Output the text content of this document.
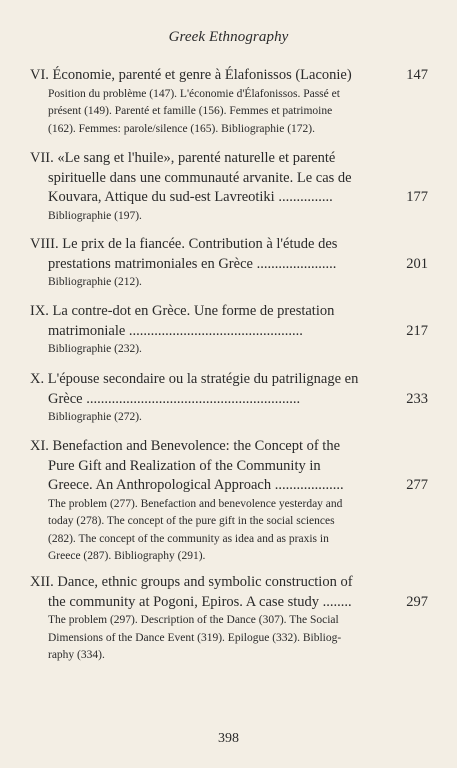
Greek Ethnography
VI. Économie, parenté et genre à Élafonissos (Laconie)	147
Position du problème (147). L'économie d'Élafonissos. Passé et
présent (149). Parenté et famille (156). Femmes et patrimoine
(162). Femmes: parole/silence (165). Bibliographie (172).
VII. «Le sang et l'huile», parenté naturelle et parenté
spirituelle dans une communauté arvanite. Le cas de
Kouvara, Attique du sud-est Lavreotiki ...............	177
Bibliographie (197).
VIII. Le prix de la fiancée. Contribution à l'étude des
prestations matrimoniales en Grèce ......................	201
Bibliographie (212).
IX. La contre-dot en Grèce. Une forme de prestation
matrimoniale ................................................	217
Bibliographie (232).
X. L'épouse secondaire ou la stratégie du patrilignage en
Grèce ...........................................................	233
Bibliographie (272).
XI. Benefaction and Benevolence: the Concept of the
Pure Gift and Realization of the Community in
Greece. An Anthropological Approach ...................	277
The problem (277). Benefaction and benevolence yesterday and
today (278). The concept of the pure gift in the social sciences
(282). The concept of the community as idea and as praxis in
Greece (287). Bibliography (291).
XII. Dance, ethnic groups and symbolic construction of
the community at Pogoni, Epiros. A case study ........	297
The problem (297). Description of the Dance (307). The Social
Dimensions of the Dance Event (319). Epilogue (332). Bibliog-
raphy (334).
398
